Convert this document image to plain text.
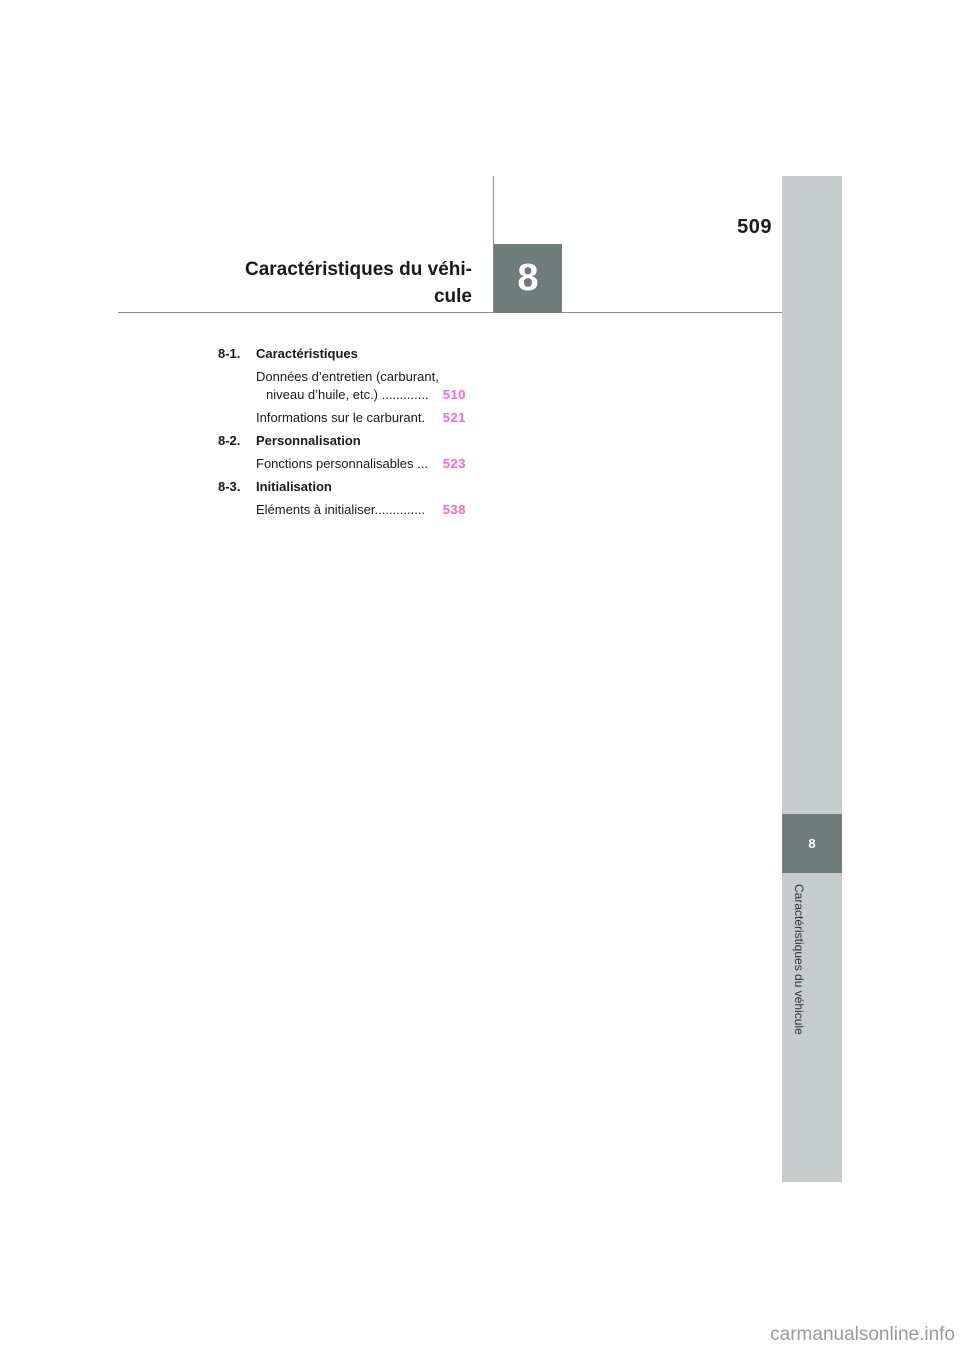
509
Caractéristiques du véhi-
cule	8
8
Caractéristiques du véhicule
8-1. Caractéristiques
Données d’entretien (carburant,
niveau d’huile, etc.) .............	510
Informations sur le carburant.	521
8-2. Personnalisation
Fonctions personnalisables ...	523
8-3. Initialisation
Eléments à initialiser..............	538
carmanualsonline.info
